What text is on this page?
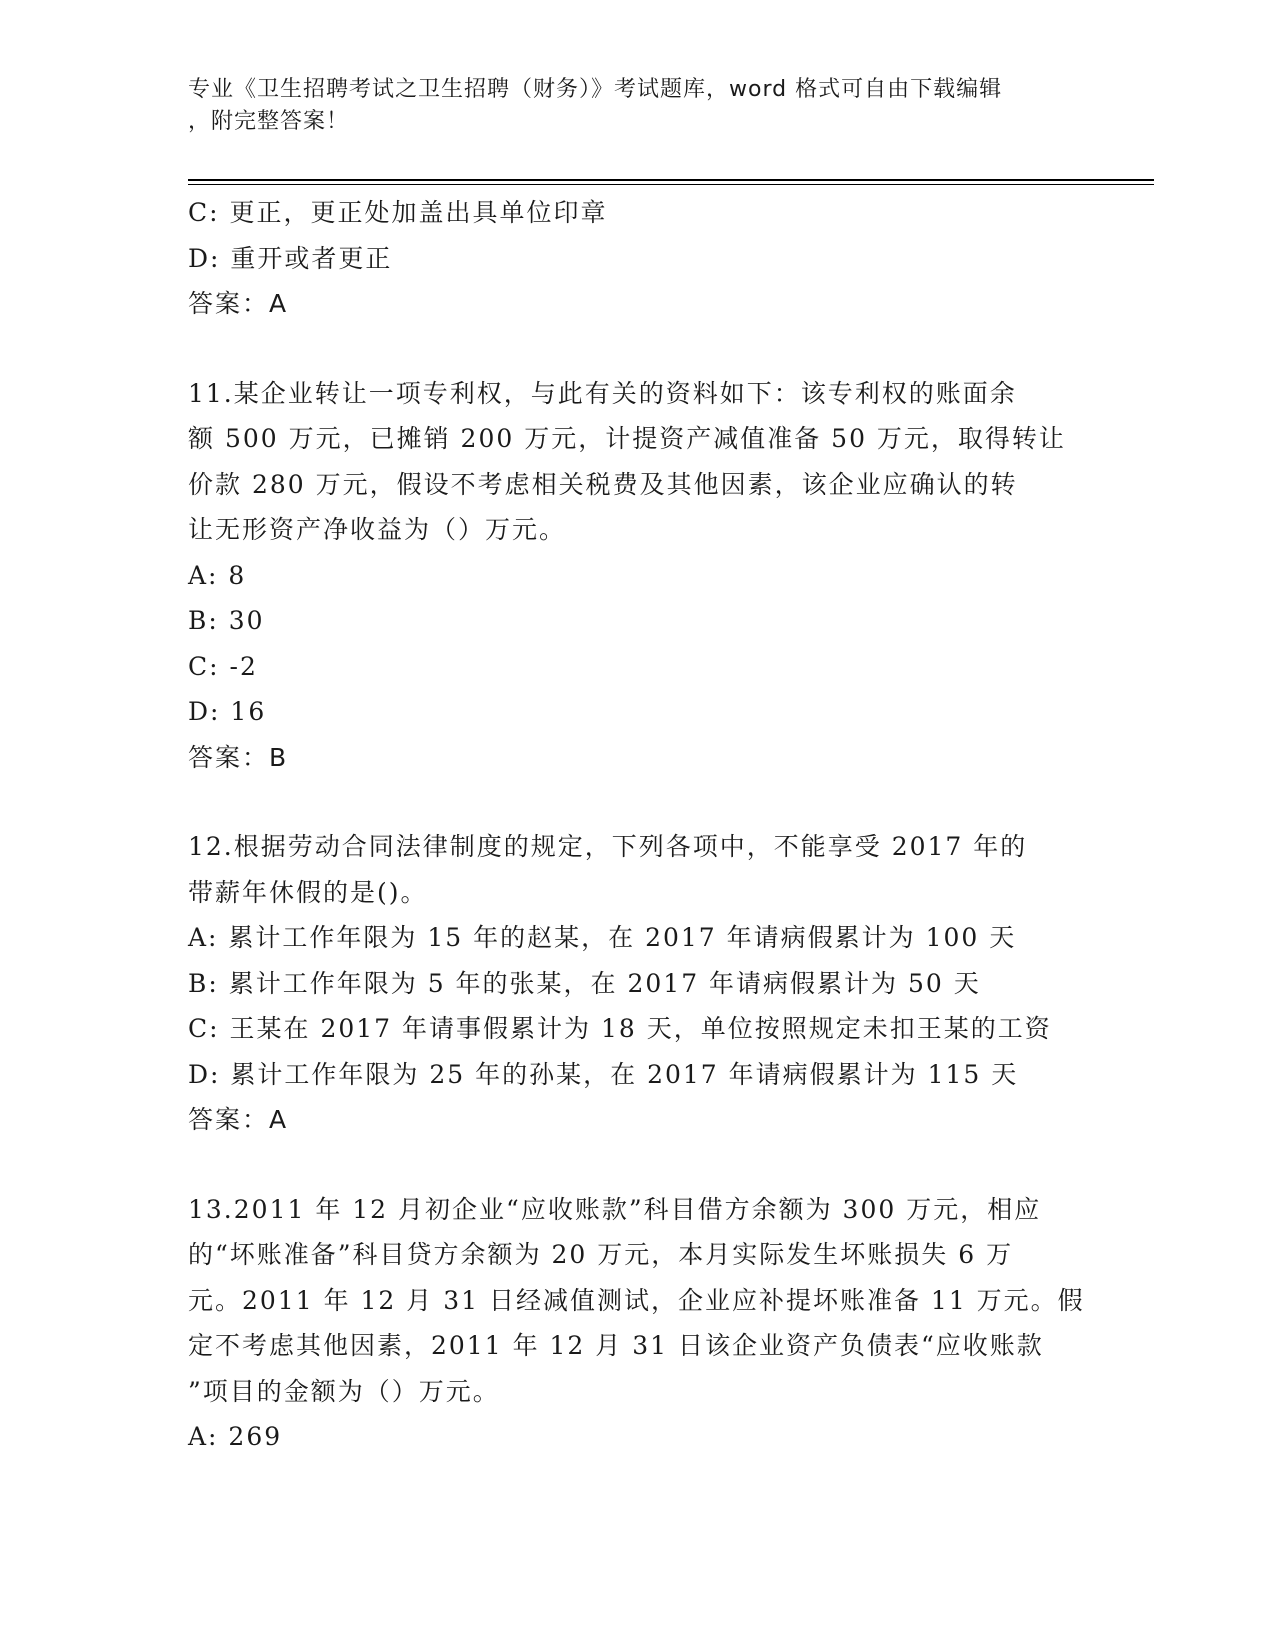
专业《卫生招聘考试之卫生招聘（财务）》考试题库，word 格式可自由下载编辑
，附完整答案！
C: 更正，更正处加盖出具单位印章
D: 重开或者更正
答案：A
11.某企业转让一项专利权，与此有关的资料如下：该专利权的账面余
额 500 万元，已摊销 200 万元，计提资产减值准备 50 万元，取得转让
价款 280 万元，假设不考虑相关税费及其他因素，该企业应确认的转
让无形资产净收益为（）万元。
A: 8
B: 30
C: -2
D: 16
答案：B
12.根据劳动合同法律制度的规定，下列各项中，不能享受 2017 年的
带薪年休假的是()。
A: 累计工作年限为 15 年的赵某，在 2017 年请病假累计为 100 天
B: 累计工作年限为 5 年的张某，在 2017 年请病假累计为 50 天
C: 王某在 2017 年请事假累计为 18 天，单位按照规定未扣王某的工资
D: 累计工作年限为 25 年的孙某，在 2017 年请病假累计为 115 天
答案：A
13.2011 年 12 月初企业“应收账款”科目借方余额为 300 万元，相应
的“坏账准备”科目贷方余额为 20 万元，本月实际发生坏账损失 6 万
元。2011 年 12 月 31 日经减值测试，企业应补提坏账准备 11 万元。假
定不考虑其他因素，2011 年 12 月 31 日该企业资产负债表“应收账款
”项目的金额为（）万元。
A: 269
